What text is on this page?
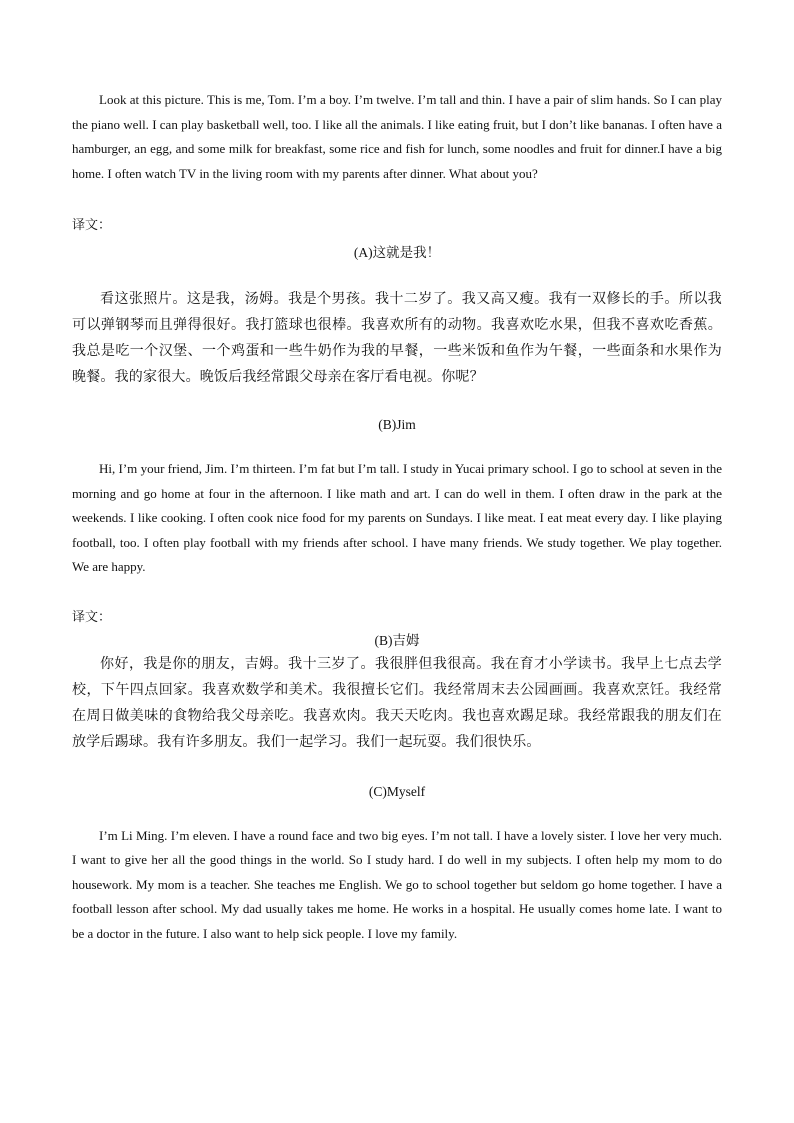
Look at this picture. This is me, Tom. I’m a boy. I’m twelve. I’m tall and thin. I have a pair of slim hands. So I can play the piano well. I can play basketball well, too. I like all the animals. I like eating fruit, but I don’t like bananas. I often have a hamburger, an egg, and some milk for breakfast, some rice and fish for lunch, some noodles and fruit for dinner.I have a big home. I often watch TV in the living room with my parents after dinner. What about you?

译文：

(A)这就是我！

看这张照片。这是我，汤姆。我是个男孩。我十二岁了。我又高又瘦。我有一双修长的手。所以我可以弹钢琴而且弹得很好。我打篮球也很棒。我喜欢所有的动物。我喜欢吃水果，但我不喜欢吃香蕉。我总是吃一个汉堡、一个鸡蛋和一些牛奶作为我的早餐，一些米饭和鱼作为午餐，一些面条和水果作为晚餐。我的家很大。晚饭后我经常跟父母亲在客厅看电视。你呢？

(B)Jim

Hi, I’m your friend, Jim. I’m thirteen. I’m fat but I’m tall. I study in Yucai primary school. I go to school at seven in the morning and go home at four in the afternoon. I like math and art. I can do well in them. I often draw in the park at the weekends. I like cooking. I often cook nice food for my parents on Sundays. I like meat. I eat meat every day. I like playing football, too. I often play football with my friends after school. I have many friends. We study together. We play together. We are happy.

译文：

(B)吉姆

你好，我是你的朋友，吉姆。我十三岁了。我很胖但我很高。我在育才小学读书。我早上七点去学校，下午四点回家。我喜欢数学和美术。我很擅长它们。我经常周末去公园画画。我喜欢烹饪。我经常在周日做美味的食物给我父母亲吃。我喜欢肉。我天天吃肉。我也喜欢踢足球。我经常跟我的朋友们在放学后踢球。我有许多朋友。我们一起学习。我们一起玩耍。我们很快乐。

(C)Myself

I’m Li Ming. I’m eleven. I have a round face and two big eyes. I’m not tall. I have a lovely sister. I love her very much. I want to give her all the good things in the world. So I study hard. I do well in my subjects. I often help my mom to do housework. My mom is a teacher. She teaches me English. We go to school together but seldom go home together. I have a football lesson after school. My dad usually takes me home. He works in a hospital. He usually comes home late. I want to be a doctor in the future. I also want to help sick people. I love my family.
